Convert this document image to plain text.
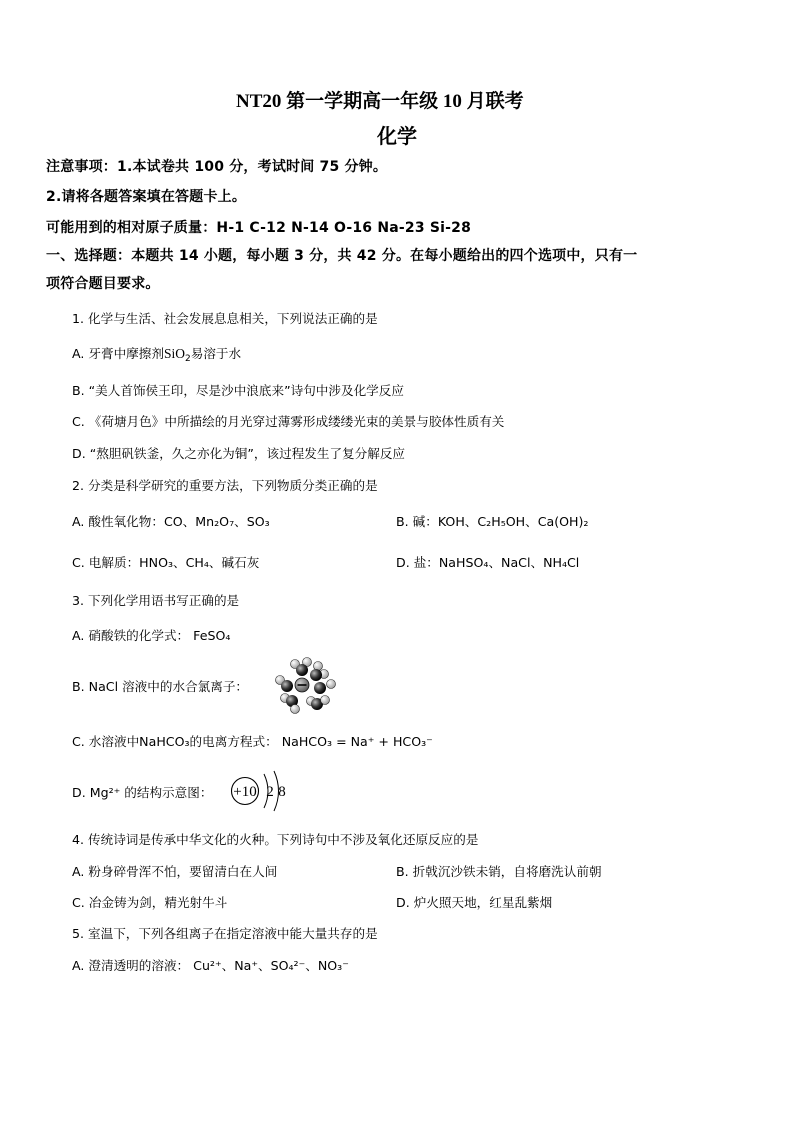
NT20 第一学期高一年级 10 月联考
化学
注意事项：1.本试卷共 100 分，考试时间 75 分钟。
2.请将各题答案填在答题卡上。
可能用到的相对原子质量：H-1 C-12 N-14 O-16 Na-23 Si-28
一、选择题：本题共 14 小题，每小题 3 分，共 42 分。在每小题给出的四个选项中，只有一
项符合题目要求。
1. 化学与生活、社会发展息息相关，下列说法正确的是
A. 牙膏中摩擦剂SiO$_2$易溶于水
B. “美人首饰侯王印，尽是沙中浪底来”诗句中涉及化学反应
C. 《荷塘月色》中所描绘的月光穿过薄雾形成缕缕光束的美景与胶体性质有关
D. “熬胆矾铁釜，久之亦化为铜”，该过程发生了复分解反应
2. 分类是科学研究的重要方法，下列物质分类正确的是
A. 酸性氧化物：CO、Mn₂O₇、SO₃	B. 碱：KOH、C₂H₅OH、Ca(OH)₂
C. 电解质：HNO₃、CH₄、碱石灰	D. 盐：NaHSO₄、NaCl、NH₄Cl
3. 下列化学用语书写正确的是
A. 硝酸铁的化学式： FeSO₄
B. NaCl 溶液中的水合氯离子：
C. 水溶液中NaHCO₃的电离方程式： NaHCO₃ = Na⁺ + HCO₃⁻
D. Mg²⁺ 的结构示意图： +10 2 8
4. 传统诗词是传承中华文化的火种。下列诗句中不涉及氧化还原反应的是
A. 粉身碎骨浑不怕，要留清白在人间	B. 折戟沉沙铁未销，自将磨洗认前朝
C. 冶金铸为剑，精光射牛斗	D. 炉火照天地，红星乱紫烟
5. 室温下，下列各组离子在指定溶液中能大量共存的是
A. 澄清透明的溶液： Cu²⁺、Na⁺、SO₄²⁻、NO₃⁻
